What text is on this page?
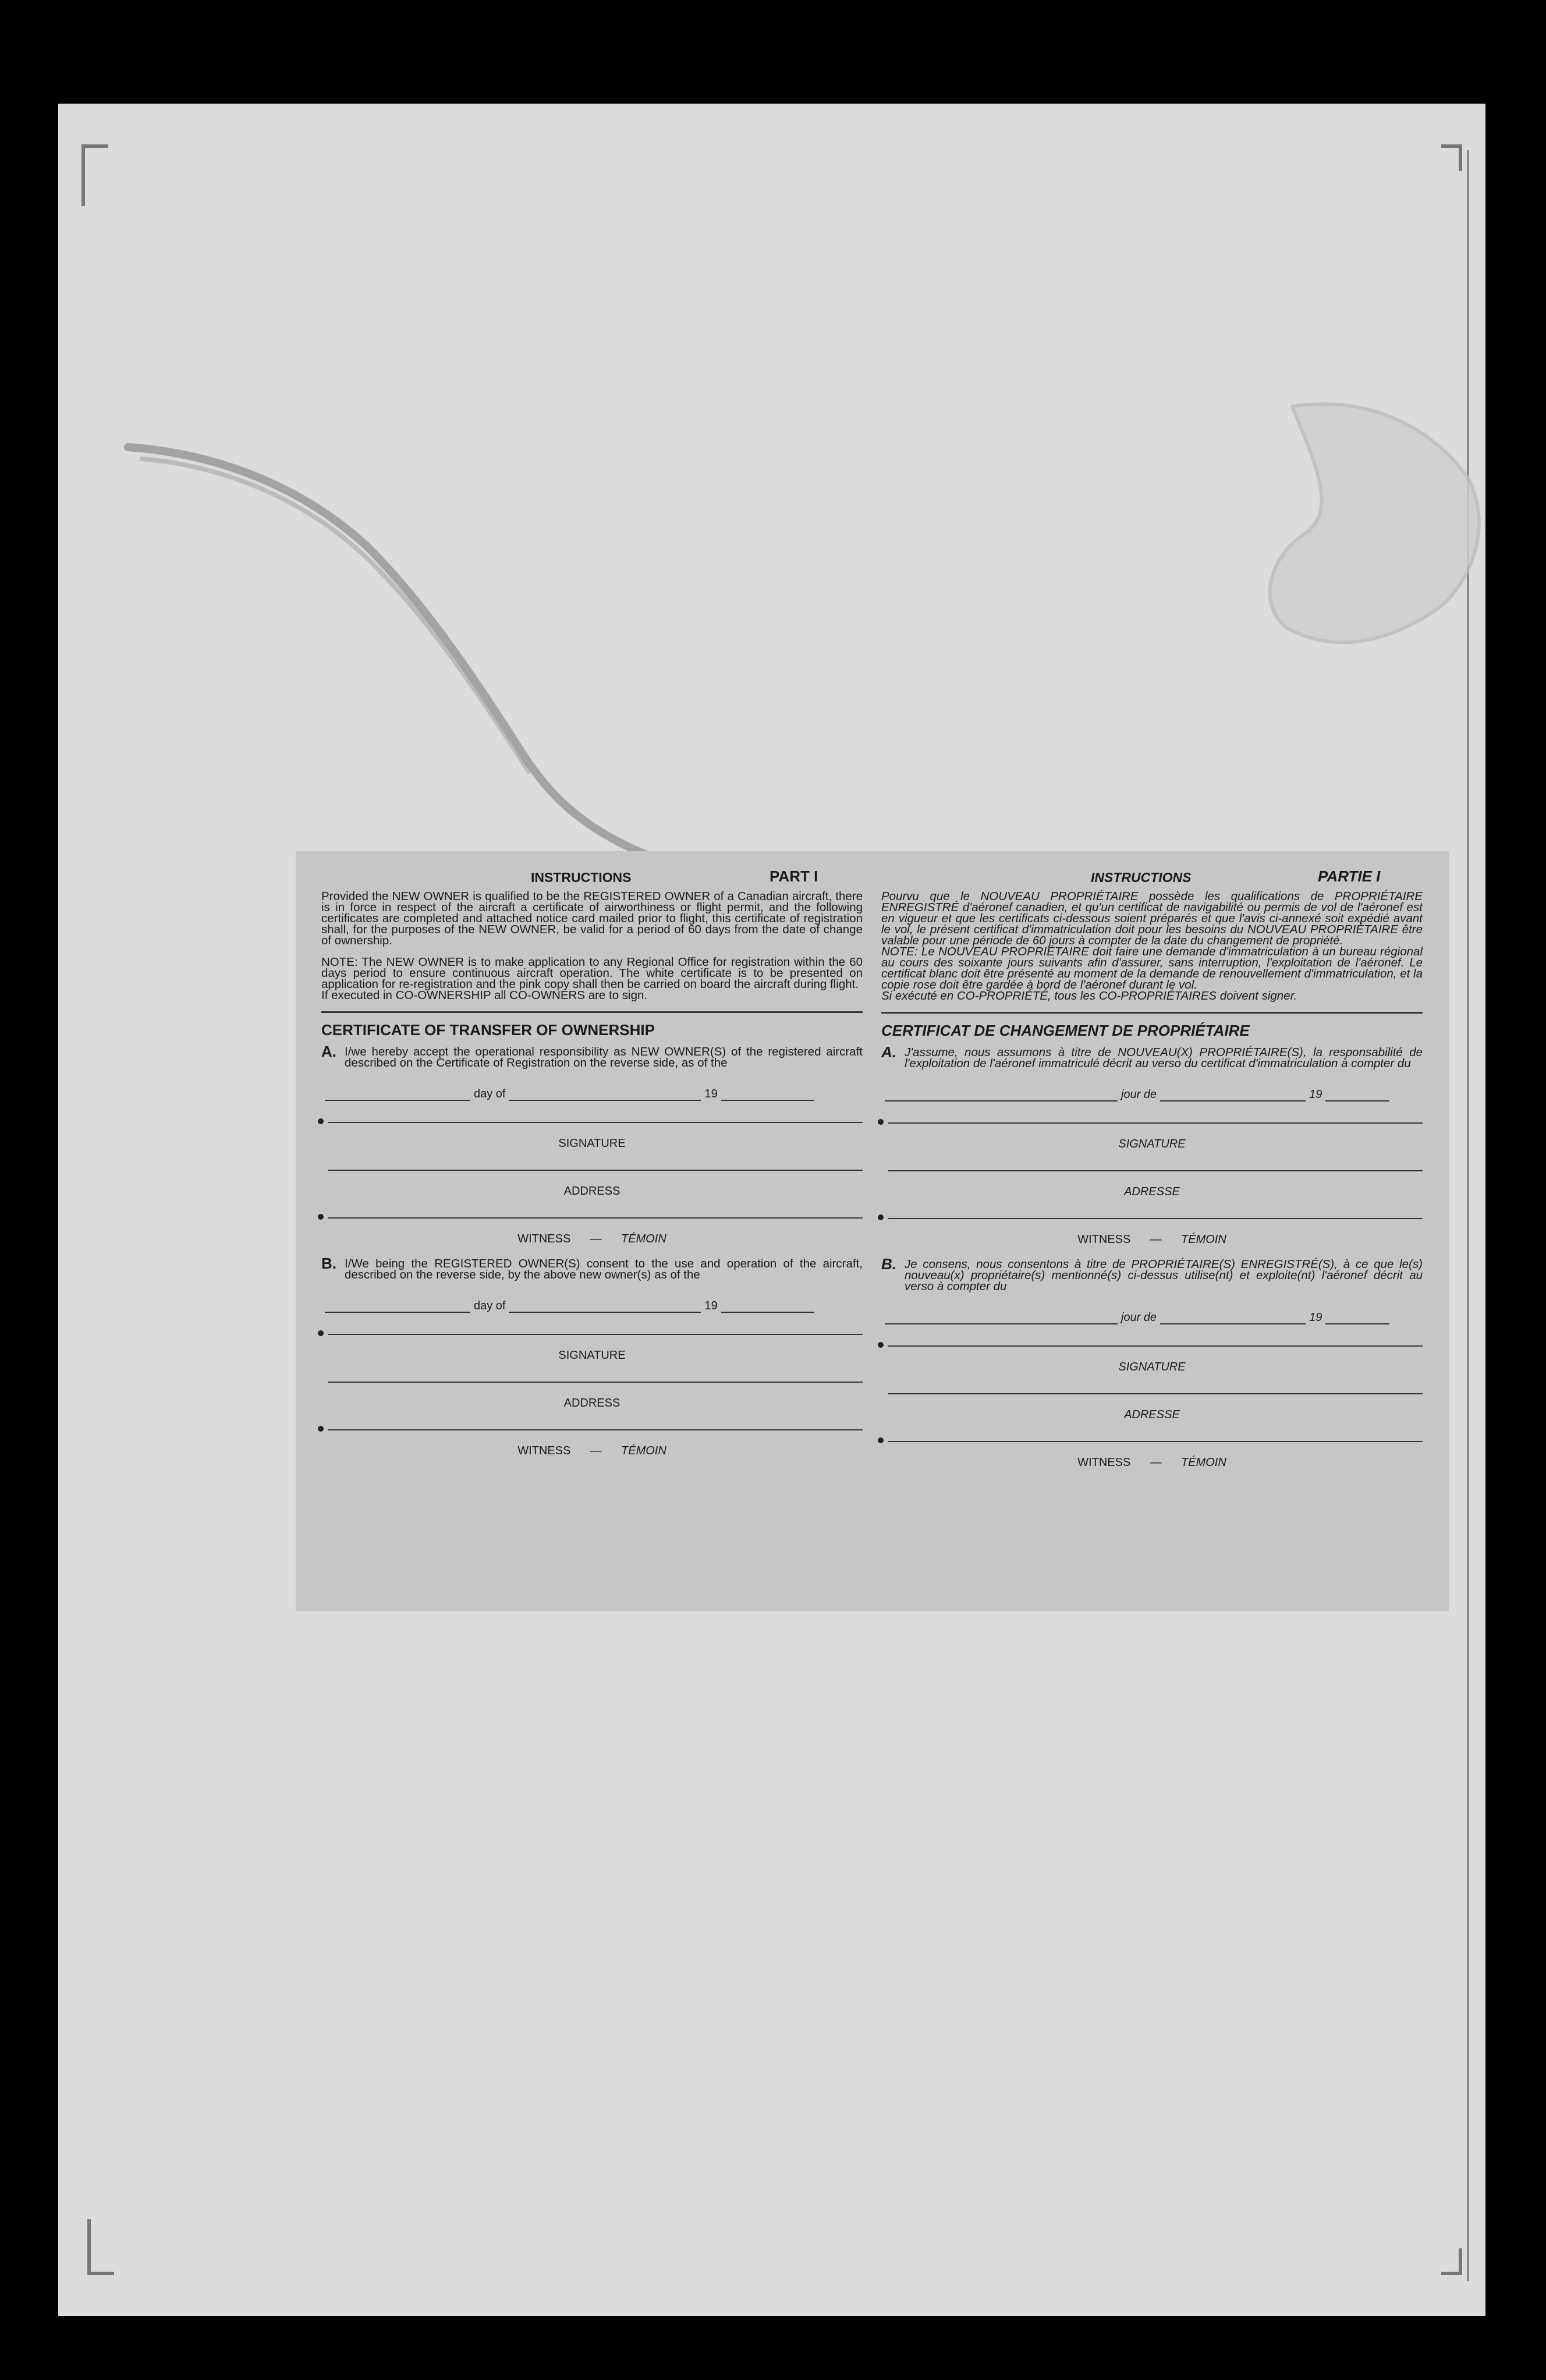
INSTRUCTIONS	PART I

Provided the NEW OWNER is qualified to be the REGISTERED OWNER of a Canadian aircraft, there is in force in respect of the aircraft a certificate of airworthiness or flight permit, and the following certificates are completed and attached notice card mailed prior to flight, this certificate of registration shall, for the purposes of the NEW OWNER, be valid for a period of 60 days from the date of change of ownership.

NOTE: The NEW OWNER is to make application to any Regional Office for registration within the 60 days period to ensure continuous aircraft operation. The white certificate is to be presented on application for re-registration and the pink copy shall then be carried on board the aircraft during flight.

If executed in CO-OWNERSHIP all CO-OWNERS are to sign.

CERTIFICATE OF TRANSFER OF OWNERSHIP
A. I/we hereby accept the operational responsibility as NEW OWNER(S) of the registered aircraft described on the Certificate of Registration on the reverse side, as of the
day of	19
SIGNATURE
ADDRESS
WITNESS — TÉMOIN
B. I/We being the REGISTERED OWNER(S) consent to the use and operation of the aircraft, described on the reverse side, by the above new owner(s) as of the
day of	19
SIGNATURE
ADDRESS
WITNESS — TÉMOIN
INSTRUCTIONS	PARTIE I

Pourvu que le NOUVEAU PROPRIÉTAIRE possède les qualifications de PROPRIÉTAIRE ENREGISTRÉ d'aéronef canadien, et qu'un certificat de navigabilité ou permis de vol de l'aéronef est en vigueur et que les certificats ci-dessous soient préparés et que l'avis ci-annexé soit expédié avant le vol, le présent certificat d'immatriculation doit pour les besoins du NOUVEAU PROPRIÉTAIRE être valable pour une période de 60 jours à compter de la date du changement de propriété.

NOTE: Le NOUVEAU PROPRIÉTAIRE doit faire une demande d'immatriculation à un bureau régional au cours des soixante jours suivants afin d'assurer, sans interruption, l'exploitation de l'aéronef. Le certificat blanc doit être présenté au moment de la demande de renouvellement d'immatriculation, et la copie rose doit être gardée à bord de l'aéronef durant le vol.

Si exécuté en CO-PROPRIÉTÉ, tous les CO-PROPRIÉTAIRES doivent signer.

CERTIFICAT DE CHANGEMENT DE PROPRIÉTAIRE
A. J'assume, nous assumons à titre de NOUVEAU(X) PROPRIÉTAIRE(S), la responsabilité de l'exploitation de l'aéronef immatriculé décrit au verso du certificat d'immatriculation à compter du
jour de	19
SIGNATURE
ADRESSE
WITNESS — TÉMOIN
B. Je consens, nous consentons à titre de PROPRIÉTAIRE(S) ENREGISTRÉ(S), à ce que le(s) nouveau(x) propriétaire(s) mentionné(s) ci-dessus utilise(nt) et exploite(nt) l'aéronef décrit au verso à compter du
jour de	19
SIGNATURE
ADRESSE
WITNESS — TÉMOIN
